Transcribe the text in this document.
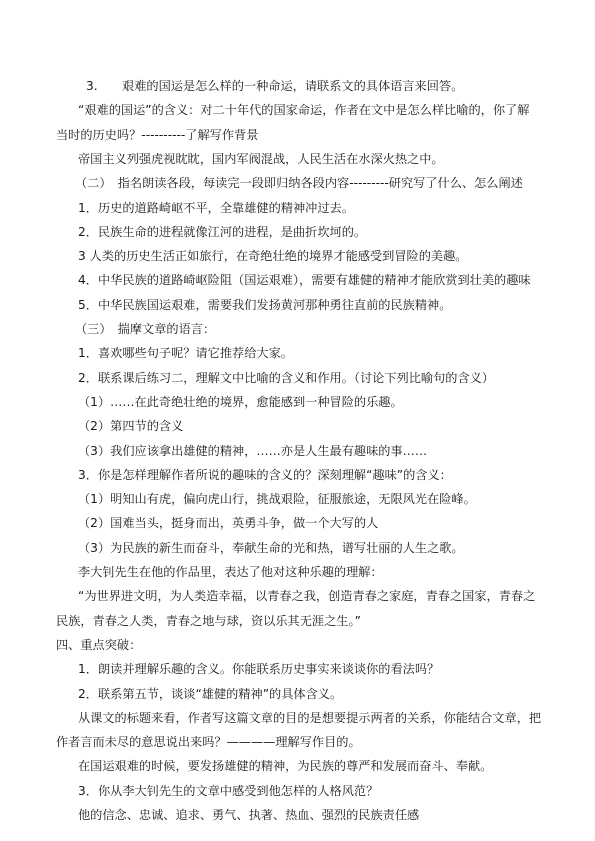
3.　　艰难的国运是怎么样的一种命运，请联系文的具体语言来回答。
“艰难的国运”的含义：对二十年代的国家命运，作者在文中是怎么样比喻的，你了解
当时的历史吗？----------了解写作背景
帝国主义列强虎视眈眈，国内军阀混战，人民生活在水深火热之中。
（二）　指名朗读各段，每读完一段即归纳各段内容---------研究写了什么、怎么阐述
1．历史的道路崎岖不平，全靠雄健的精神冲过去。
2．民族生命的进程就像江河的进程，是曲折坎坷的。
3 人类的历史生活正如旅行，在奇绝壮绝的境界才能感受到冒险的美趣。
4．中华民族的道路崎岖险阻（国运艰难），需要有雄健的精神才能欣赏到壮美的趣味
5．中华民族国运艰难，需要我们发扬黄河那种勇往直前的民族精神。
（三）　揣摩文章的语言：
1．喜欢哪些句子呢？请它推荐给大家。
2．联系课后练习二，理解文中比喻的含义和作用。（讨论下列比喻句的含义）
（1）……在此奇绝壮绝的境界，愈能感到一种冒险的乐趣。
（2）第四节的含义
（3）我们应该拿出雄健的精神，……亦是人生最有趣味的事……
3．你是怎样理解作者所说的趣味的含义的？深刻理解“趣味”的含义：
（1）明知山有虎，偏向虎山行，挑战艰险，征服旅途，无限风光在险峰。
（2）国难当头，挺身而出，英勇斗争，做一个大写的人
（3）为民族的新生而奋斗，奉献生命的光和热，谱写壮丽的人生之歌。
李大钊先生在他的作品里，表达了他对这种乐趣的理解：
“为世界进文明，为人类造幸福，以青春之我，创造青春之家庭，青春之国家，青春之
民族，青春之人类，青春之地与球，资以乐其无涯之生。”
四、重点突破：
1．朗读并理解乐趣的含义。你能联系历史事实来谈谈你的看法吗？
2．联系第五节，谈谈“雄健的精神”的具体含义。
从课文的标题来看，作者写这篇文章的目的是想要提示两者的关系，你能结合文章，把
作者言而未尽的意思说出来吗？————理解写作目的。
在国运艰难的时候，要发扬雄健的精神，为民族的尊严和发展而奋斗、奉献。
3．你从李大钊先生的文章中感受到他怎样的人格风范？
他的信念、忠诚、追求、勇气、执著、热血、强烈的民族责任感
